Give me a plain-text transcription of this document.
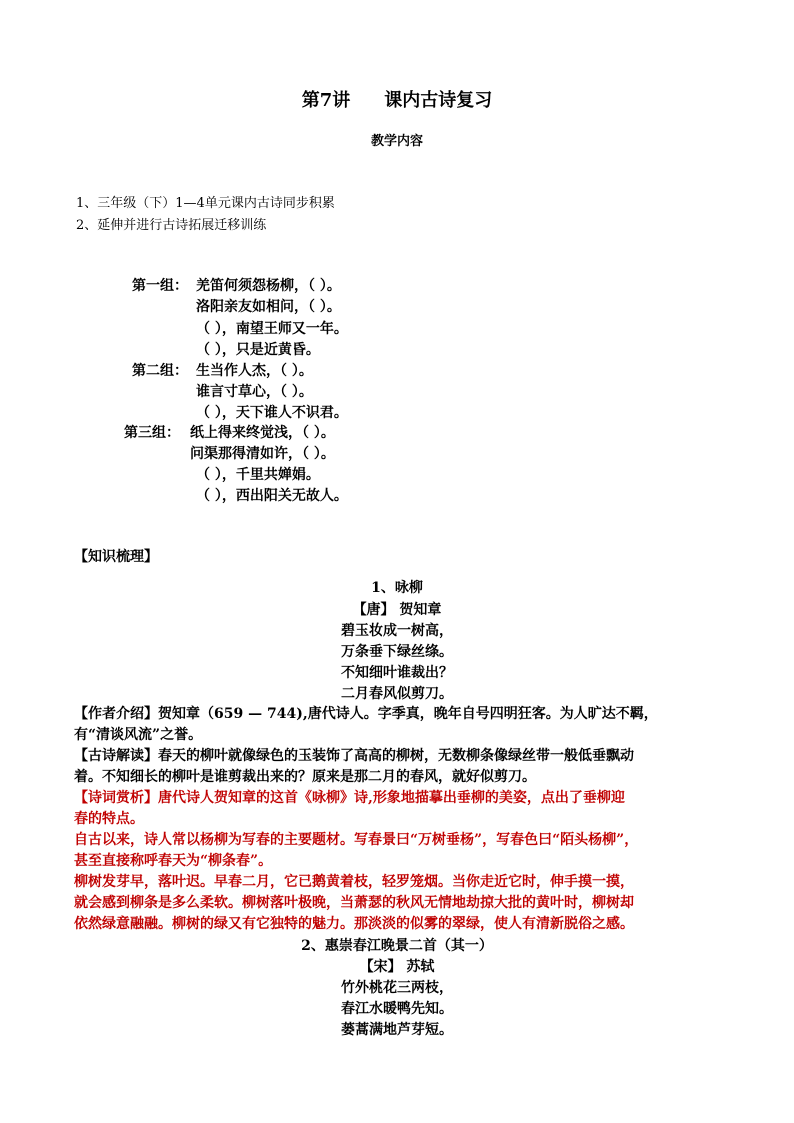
第7讲 课内古诗复习
教学内容
1、三年级（下）1—4单元课内古诗同步积累
2、延伸并进行古诗拓展迁移训练
第一组： 羌笛何须怨杨柳，（ ）。
洛阳亲友如相问，（ ）。
（ ），南望王师又一年。
（ ），只是近黄昏。
第二组： 生当作人杰，（ ）。
谁言寸草心，（ ）。
（ ），天下谁人不识君。
第三组： 纸上得来终觉浅，（ ）。
问渠那得清如许，（ ）。
（ ），千里共婵娟。
（ ），西出阳关无故人。
【知识梳理】
1、咏柳
【唐】 贺知章
碧玉妆成一树高，
万条垂下绿丝绦。
不知细叶谁裁出？
二月春风似剪刀。
【作者介绍】贺知章（659 — 744),唐代诗人。字季真，晚年自号四明狂客。为人旷达不羁，
有“清谈风流”之誉。
【古诗解读】春天的柳叶就像绿色的玉装饰了高高的柳树，无数柳条像绿丝带一般低垂飘动
着。不知细长的柳叶是谁剪裁出来的？原来是那二月的春风，就好似剪刀。
【诗词赏析】唐代诗人贺知章的这首《咏柳》诗,形象地描摹出垂柳的美姿，点出了垂柳迎
春的特点。
自古以来，诗人常以杨柳为写春的主要题材。写春景曰“万树垂杨”，写春色曰“陌头杨柳”，
甚至直接称呼春天为“柳条春”。
柳树发芽早，落叶迟。早春二月，它已鹅黄着枝，轻罗笼烟。当你走近它时，伸手摸一摸，
就会感到柳条是多么柔软。柳树落叶极晚，当萧瑟的秋风无情地劫掠大批的黄叶时，柳树却
依然绿意融融。柳树的绿又有它独特的魅力。那淡淡的似雾的翠绿，使人有清新脱俗之感。
2、惠崇春江晚景二首（其一）
【宋】 苏轼
竹外桃花三两枝，
春江水暖鸭先知。
蒌蒿满地芦芽短。
